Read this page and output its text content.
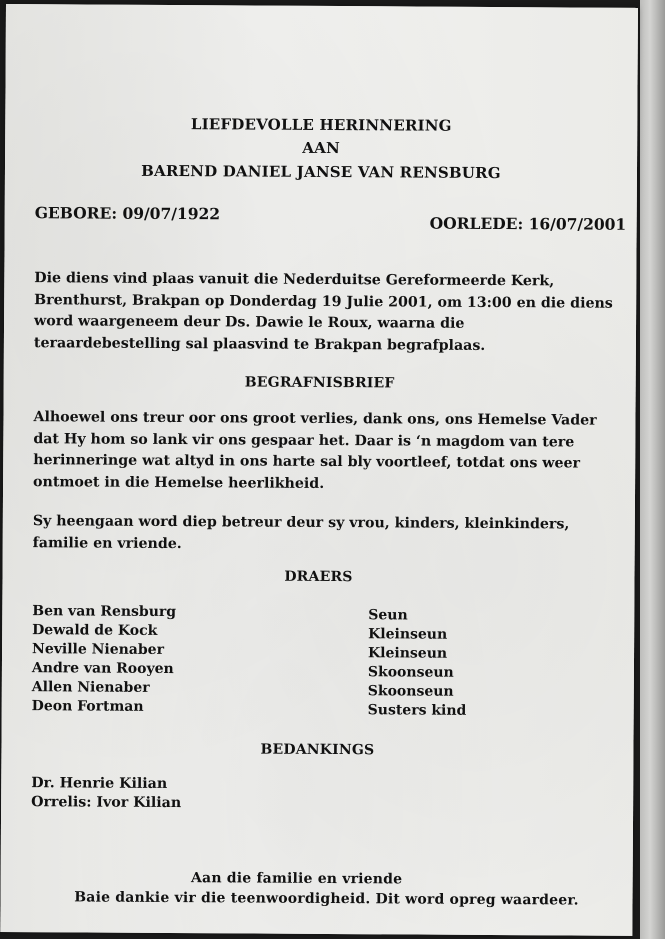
LIEFDEVOLLE HERINNERING

AAN

BAREND DANIEL JANSE VAN RENSBURG

GEBORE: 09/07/1922

OORLEDE: 16/07/2001

Die diens vind plaas vanuit die Nederduitse Gereformeerde Kerk,
Brenthurst, Brakpan op Donderdag 19 Julie 2001, om 13:00 en die diens
word waargeneem deur Ds. Dawie le Roux, waarna die
teraardebestelling sal plaasvind te Brakpan begrafplaas.

BEGRAFNISBRIEF

Alhoewel ons treur oor ons groot verlies, dank ons, ons Hemelse Vader
dat Hy hom so lank vir ons gespaar het. Daar is ‘n magdom van tere
herinneringe wat altyd in ons harte sal bly voortleef, totdat ons weer
ontmoet in die Hemelse heerlikheid.
Sy heengaan word diep betreur deur sy vrou, kinders, kleinkinders,
familie en vriende.

DRAERS

Ben van Rensburg	Seun

Dewald de Kock	Kleinseun

Neville Nienaber	Kleinseun

Andre van Rooyen	Skoonseun

Allen Nienaber	Skoonseun

Deon Fortman	Susters kind

BEDANKINGS

Dr. Henrie Kilian

Orrelis: Ivor Kilian

Aan die familie en vriende

Baie dankie vir die teenwoordigheid. Dit word opreg waardeer.
